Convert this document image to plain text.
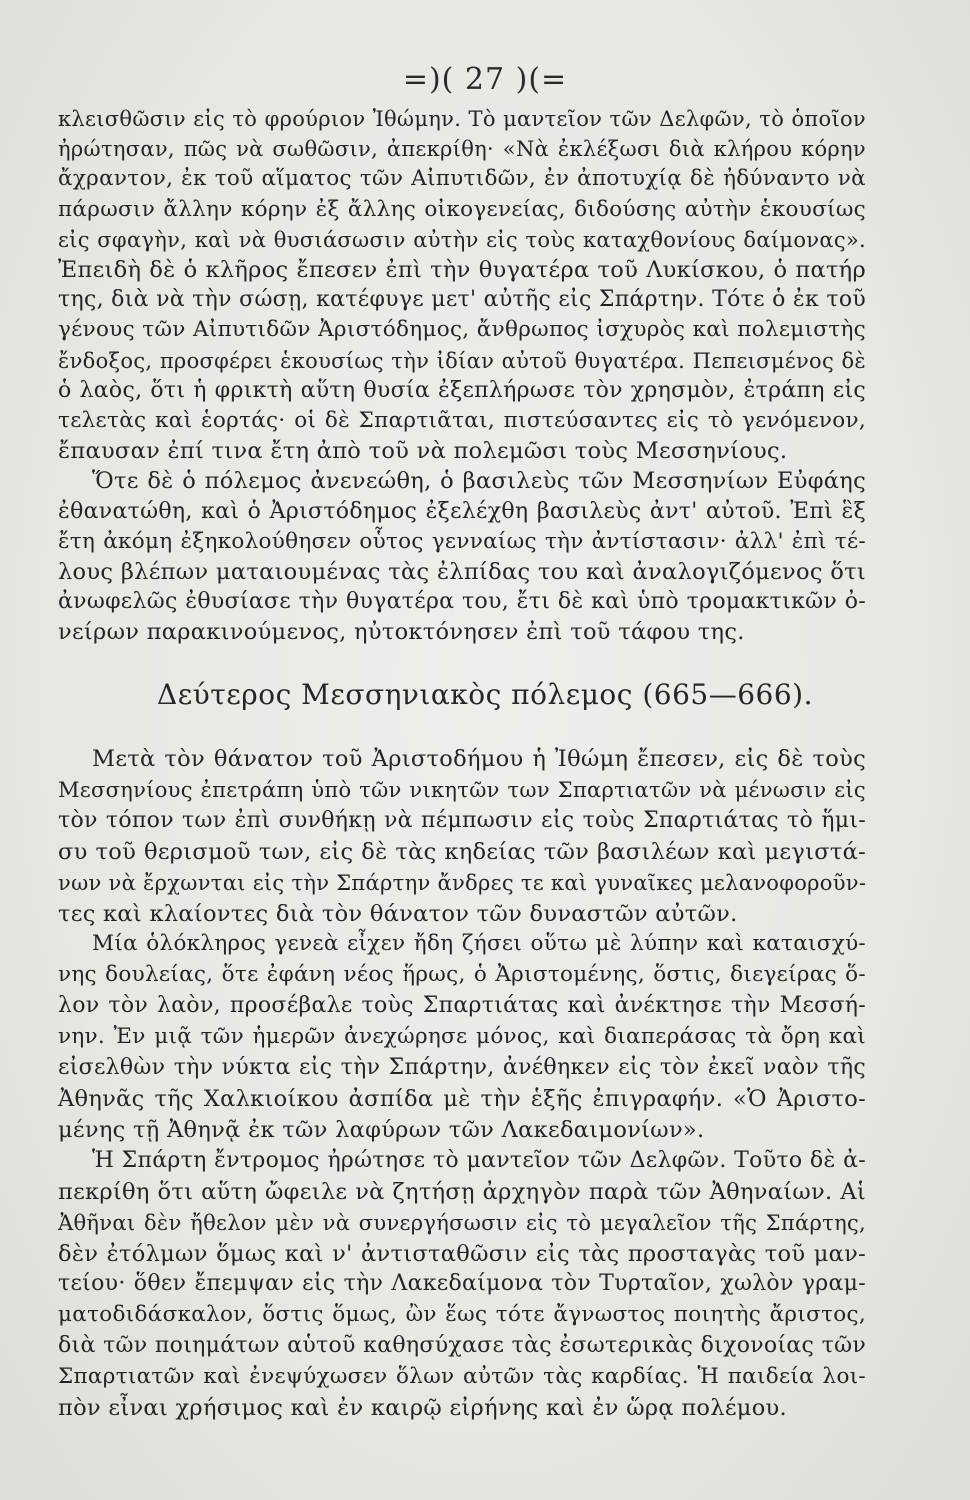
=)( 27 )(=
κλεισθῶσιν εἰς τὸ φρούριον Ἰθώμην. Τὸ μαντεῖον τῶν Δελφῶν, τὸ ὁποῖον
ἠρώτησαν, πῶς νὰ σωθῶσιν, ἀπεκρίθη· «Νὰ ἐκλέξωσι διὰ κλήρου κόρην
ἄχραντον, ἐκ τοῦ αἵματος τῶν Αἰπυτιδῶν, ἐν ἀποτυχίᾳ δὲ ἠδύναντο νὰ
πάρωσιν ἄλλην κόρην ἐξ ἄλλης οἰκογενείας, διδούσης αὐτὴν ἑκουσίως
εἰς σφαγὴν, καὶ νὰ θυσιάσωσιν αὐτὴν εἰς τοὺς καταχθονίους δαίμονας».
Ἐπειδὴ δὲ ὁ κλῆρος ἔπεσεν ἐπὶ τὴν θυγατέρα τοῦ Λυκίσκου, ὁ πατήρ
της, διὰ νὰ τὴν σώσῃ, κατέφυγε μετ' αὐτῆς εἰς Σπάρτην. Τότε ὁ ἐκ τοῦ
γένους τῶν Αἰπυτιδῶν Ἀριστόδημος, ἄνθρωπος ἰσχυρὸς καὶ πολεμιστὴς
ἔνδοξος, προσφέρει ἑκουσίως τὴν ἰδίαν αὐτοῦ θυγατέρα. Πεπεισμένος δὲ
ὁ λαὸς, ὅτι ἡ φρικτὴ αὕτη θυσία ἐξεπλήρωσε τὸν χρησμὸν, ἐτράπη εἰς
τελετὰς καὶ ἑορτάς· οἱ δὲ Σπαρτιᾶται, πιστεύσαντες εἰς τὸ γενόμενον,
ἔπαυσαν ἐπί τινα ἔτη ἀπὸ τοῦ νὰ πολεμῶσι τοὺς Μεσσηνίους.
Ὅτε δὲ ὁ πόλεμος ἀνενεώθη, ὁ βασιλεὺς τῶν Μεσσηνίων Εὐφάης
ἐθανατώθη, καὶ ὁ Ἀριστόδημος ἐξελέχθη βασιλεὺς ἀντ' αὐτοῦ. Ἐπὶ ἓξ
ἔτη ἀκόμη ἐξηκολούθησεν οὗτος γενναίως τὴν ἀντίστασιν· ἀλλ' ἐπὶ τέ-
λους βλέπων ματαιουμένας τὰς ἐλπίδας του καὶ ἀναλογιζόμενος ὅτι
ἀνωφελῶς ἐθυσίασε τὴν θυγατέρα του, ἔτι δὲ καὶ ὑπὸ τρομακτικῶν ὀ-
νείρων παρακινούμενος, ηὐτοκτόνησεν ἐπὶ τοῦ τάφου της.
Δεύτερος Μεσσηνιακὸς πόλεμος (665—666).
Μετὰ τὸν θάνατον τοῦ Ἀριστοδήμου ἡ Ἰθώμη ἔπεσεν, εἰς δὲ τοὺς
Μεσσηνίους ἐπετράπη ὑπὸ τῶν νικητῶν των Σπαρτιατῶν νὰ μένωσιν εἰς
τὸν τόπον των ἐπὶ συνθήκῃ νὰ πέμπωσιν εἰς τοὺς Σπαρτιάτας τὸ ἥμι-
συ τοῦ θερισμοῦ των, εἰς δὲ τὰς κηδείας τῶν βασιλέων καὶ μεγιστά-
νων νὰ ἔρχωνται εἰς τὴν Σπάρτην ἄνδρες τε καὶ γυναῖκες μελανοφοροῦν-
τες καὶ κλαίοντες διὰ τὸν θάνατον τῶν δυναστῶν αὐτῶν.
Μία ὁλόκληρος γενεὰ εἶχεν ἤδη ζήσει οὕτω μὲ λύπην καὶ καταισχύ-
νης δουλείας, ὅτε ἐφάνη νέος ἥρως, ὁ Ἀριστομένης, ὅστις, διεγείρας ὅ-
λον τὸν λαὸν, προσέβαλε τοὺς Σπαρτιάτας καὶ ἀνέκτησε τὴν Μεσσή-
νην. Ἐν μιᾷ τῶν ἡμερῶν ἀνεχώρησε μόνος, καὶ διαπεράσας τὰ ὄρη καὶ
εἰσελθὼν τὴν νύκτα εἰς τὴν Σπάρτην, ἀνέθηκεν εἰς τὸν ἐκεῖ ναὸν τῆς
Ἀθηνᾶς τῆς Χαλκιοίκου ἀσπίδα μὲ τὴν ἑξῆς ἐπιγραφήν. «Ὁ Ἀριστο-
μένης τῇ Ἀθηνᾷ ἐκ τῶν λαφύρων τῶν Λακεδαιμονίων».
Ἡ Σπάρτη ἔντρομος ἠρώτησε τὸ μαντεῖον τῶν Δελφῶν. Τοῦτο δὲ ἀ-
πεκρίθη ὅτι αὕτη ὤφειλε νὰ ζητήσῃ ἀρχηγὸν παρὰ τῶν Ἀθηναίων. Αἱ
Ἀθῆναι δὲν ἤθελον μὲν νὰ συνεργήσωσιν εἰς τὸ μεγαλεῖον τῆς Σπάρτης,
δὲν ἐτόλμων ὅμως καὶ ν' ἀντισταθῶσιν εἰς τὰς προσταγὰς τοῦ μαν-
τείου· ὅθεν ἔπεμψαν εἰς τὴν Λακεδαίμονα τὸν Τυρταῖον, χωλὸν γραμ-
ματοδιδάσκαλον, ὅστις ὅμως, ὢν ἕως τότε ἄγνωστος ποιητὴς ἄριστος,
διὰ τῶν ποιημάτων αὑτοῦ καθησύχασε τὰς ἐσωτερικὰς διχονοίας τῶν
Σπαρτιατῶν καὶ ἐνεψύχωσεν ὅλων αὐτῶν τὰς καρδίας. Ἡ παιδεία λοι-
πὸν εἶναι χρήσιμος καὶ ἐν καιρῷ εἰρήνης καὶ ἐν ὥρᾳ πολέμου.
